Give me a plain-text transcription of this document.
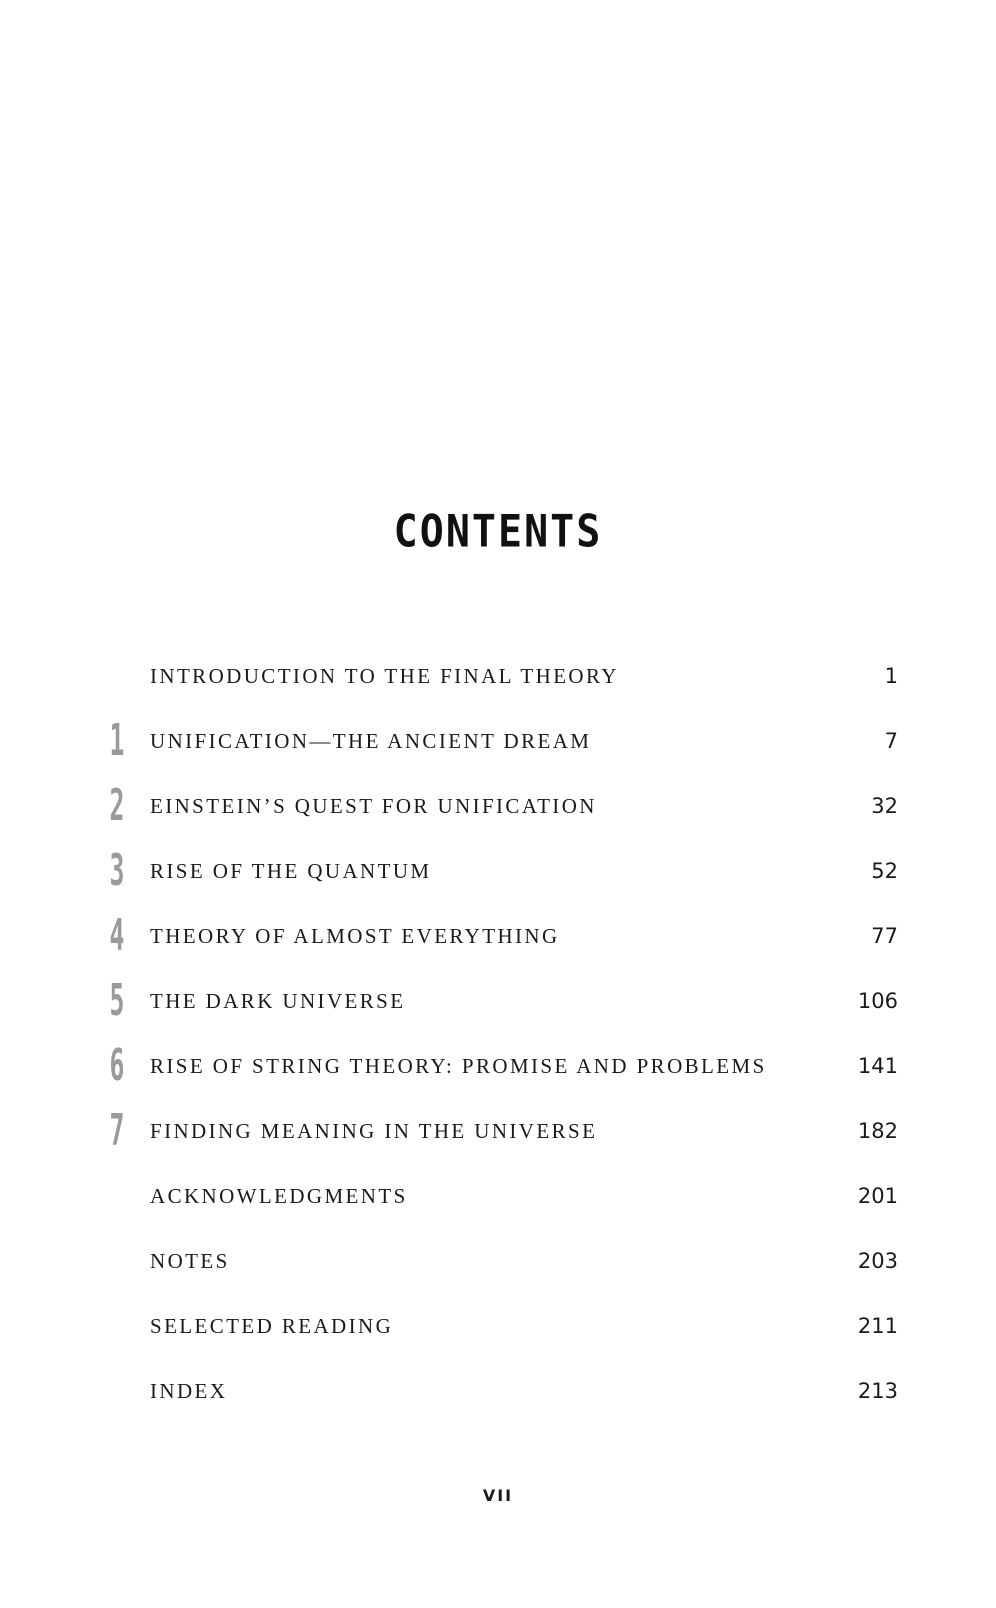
CONTENTS
INTRODUCTION TO THE FINAL THEORY	1
1 UNIFICATION—THE ANCIENT DREAM	7
2 EINSTEIN’S QUEST FOR UNIFICATION	32
3 RISE OF THE QUANTUM	52
4 THEORY OF ALMOST EVERYTHING	77
5 THE DARK UNIVERSE	106
6 RISE OF STRING THEORY: PROMISE AND PROBLEMS	141
7 FINDING MEANING IN THE UNIVERSE	182
ACKNOWLEDGMENTS	201
NOTES	203
SELECTED READING	211
INDEX	213
VII
